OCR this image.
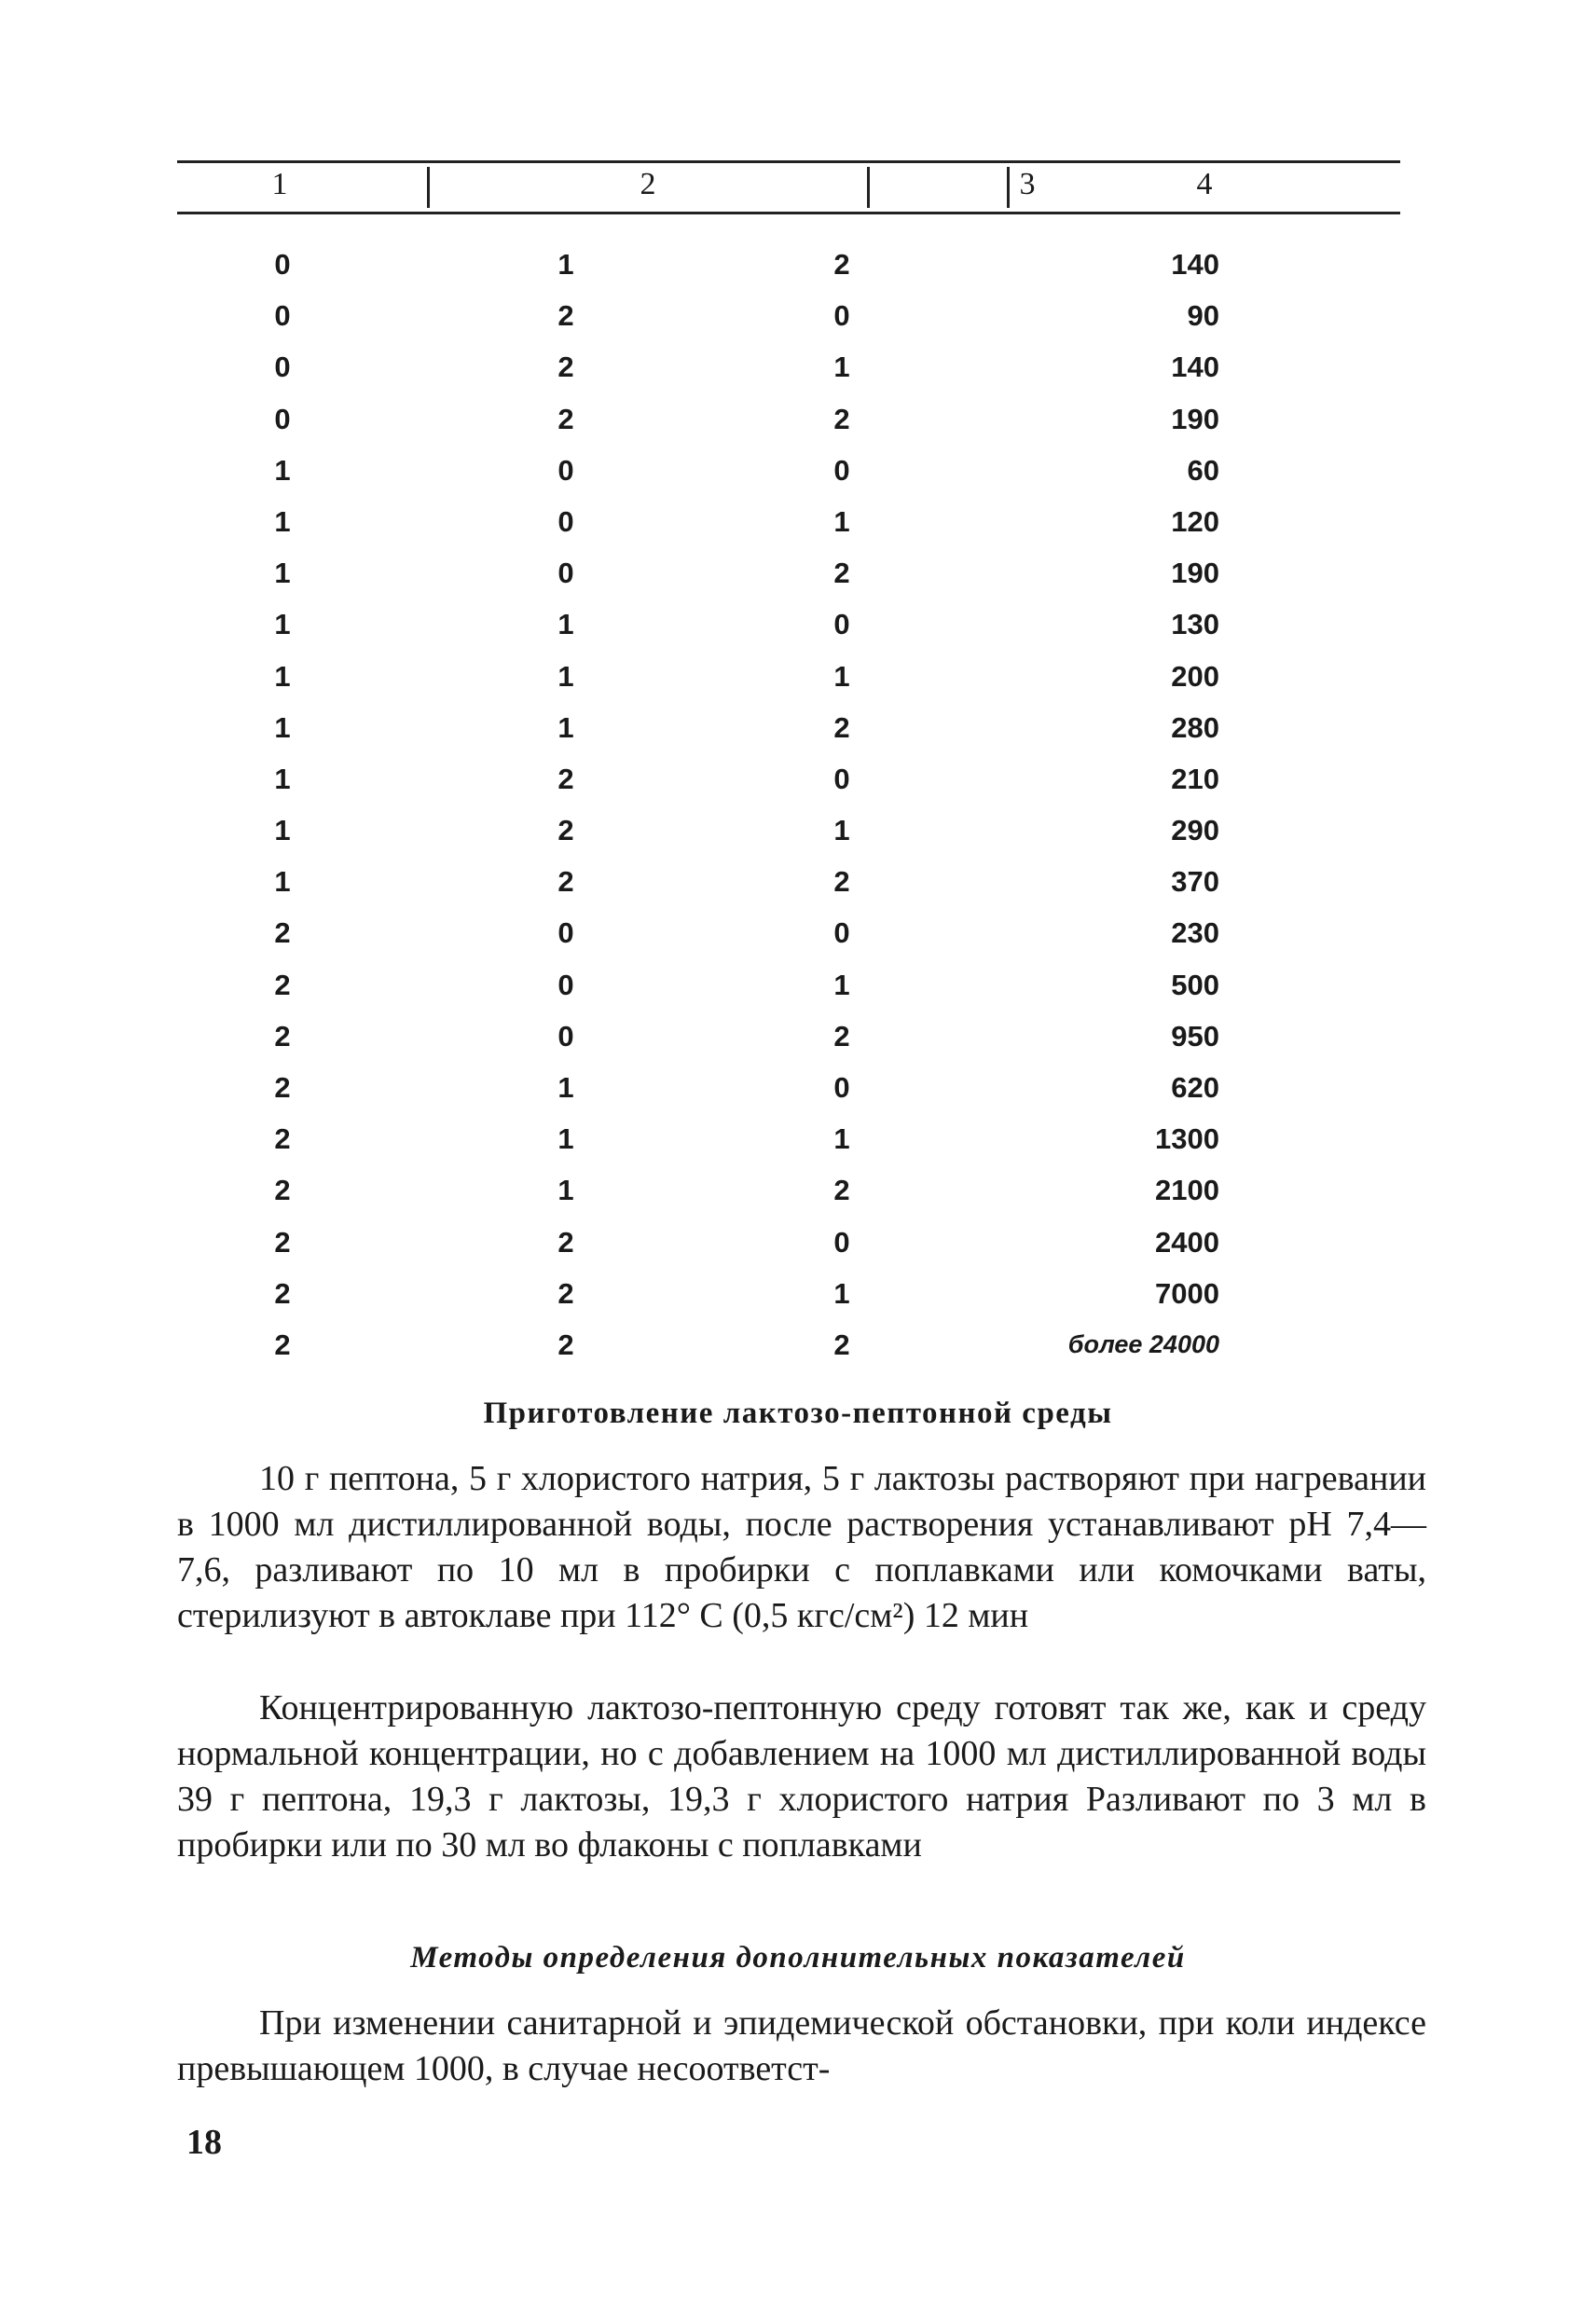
1	2	3	4
0	1	2	140
0	2	0	90
0	2	1	140
0	2	2	190
1	0	0	60
1	0	1	120
1	0	2	190
1	1	0	130
1	1	1	200
1	1	2	280
1	2	0	210
1	2	1	290
1	2	2	370
2	0	0	230
2	0	1	500
2	0	2	950
2	1	0	620
2	1	1	1300
2	1	2	2100
2	2	0	2400
2	2	1	7000
2	2	2	более 24000
Приготовление лактозо-пептонной среды

10 г пептона, 5 г хлористого натрия, 5 г лактозы растворяют при нагревании в 1000 мл дистиллированной воды, после растворения устанавливают pH 7,4—7,6, разливают по 10 мл в пробирки с поплавками или комочками ваты, стерилизуют в автоклаве при 112° С (0,5 кгс/см²) 12 мин

Концентрированную лактозо-пептонную среду готовят так же, как и среду нормальной концентрации, но с добавлением на 1000 мл дистиллированной воды 39 г пептона, 19,3 г лактозы, 19,3 г хлористого натрия Разливают по 3 мл в пробирки или по 30 мл во флаконы с поплавками

Методы определения дополнительных показателей

При изменении санитарной и эпидемической обстановки, при коли индексе превышающем 1000, в случае несоответст-

18
